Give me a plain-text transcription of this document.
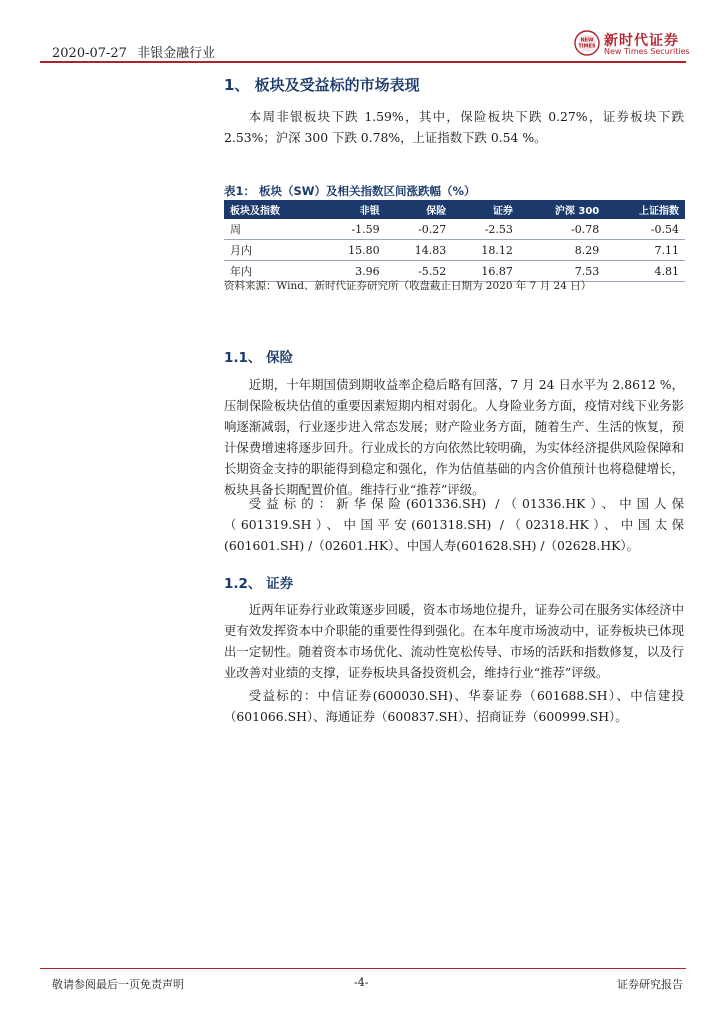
2020-07-27 非银金融行业
NEW
TIMES 新时代证券
New Times Securities
1、 板块及受益标的市场表现

本周非银板块下跌 1.59%，其中，保险板块下跌 0.27%，证券板块下跌 2.53%；沪深 300 下跌 0.78%，上证指数下跌 0.54 %。

表1： 板块（SW）及相关指数区间涨跌幅（%）
板块及指数	非银	保险	证券	沪深 300	上证指数
周	-1.59	-0.27	-2.53	-0.78	-0.54
月内	15.80	14.83	18.12	8.29	7.11
年内	3.96	-5.52	16.87	7.53	4.81
资料来源：Wind、新时代证券研究所（收盘截止日期为 2020 年 7 月 24 日）
1.1、 保险

近期，十年期国债到期收益率企稳后略有回落，7 月 24 日水平为 2.8612 %，压制保险板块估值的重要因素短期内相对弱化。人身险业务方面，疫情对线下业务影响逐渐减弱，行业逐步进入常态发展；财产险业务方面，随着生产、生活的恢复，预计保费增速将逐步回升。行业成长的方向依然比较明确，为实体经济提供风险保障和长期资金支持的职能得到稳定和强化，作为估值基础的内含价值预计也将稳健增长，板块具备长期配置价值。维持行业“推荐”评级。

受益标的：新华保险(601336.SH) /（01336.HK）、中国人保（601319.SH）、中国平安(601318.SH) /（02318.HK）、中国太保(601601.SH) /（02601.HK）、中国人寿(601628.SH) /（02628.HK）。

1.2、 证券

近两年证券行业政策逐步回暖，资本市场地位提升，证券公司在服务实体经济中更有效发挥资本中介职能的重要性得到强化。在本年度市场波动中，证券板块已体现出一定韧性。随着资本市场优化、流动性宽松传导、市场的活跃和指数修复，以及行业改善对业绩的支撑，证券板块具备投资机会，维持行业“推荐”评级。

受益标的：中信证券(600030.SH)、华泰证券（601688.SH）、中信建投（601066.SH）、海通证券（600837.SH）、招商证券（600999.SH）。

敬请参阅最后一页免责声明	-4-	证券研究报告
